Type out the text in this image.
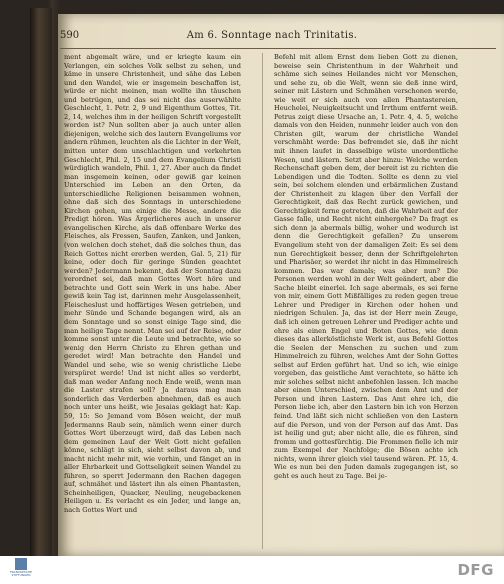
590	Am 6. Sonntage nach Trinitatis.

ment abgemalt wäre, und er kriegte kaum ein Verlangen, ein solches Volk selbst zu sehen, und käme in unsere Christenheit, und sähe das Leben und den Wandel, wie er insgemein beschaffen ist, würde er nicht meinen, man wollte ihn täuschen und betrügen, und das sei nicht das auserwählte Geschlecht, 1. Petr. 2, 9 und Eigenthum Gottes, Tit. 2, 14, welches ihm in der heiligen Schrift vorgestellt worden ist? Nun sollten aber ja auch unter allen diejenigen, welche sich des lautern Evangeliums vor andern rühmen, leuchten als die Lichter in der Welt, mitten unter dem unschlachtigen und verkehrten Geschlecht, Phil. 2, 15 und dem Evangelium Christi würdiglich wandeln, Phil. 1, 27. Aber auch da findet man insgemein keinen, oder gewiß gar keinen Unterschied im Leben an den Orten, da unterschiedliche Religionen beisammen wohnen, ohne daß sich des Sonntags in unterschiedene Kirchen gehen, um einige die Messe, andere die Predigt hören. Was Ärgerlicheres auch in unserer evangelischen Kirche, als daß offenbare Werke des Fleisches, als Fressen, Saufen, Zanken, und Janken, (von welchen doch stehet, daß die solches thun, das Reich Gottes nicht ererben werden, Gal. 5, 21) für keine, oder doch für geringe Sünden geachtet werden? Jedermann bekennt, daß der Sonntag dazu verordnet sei, daß man Gottes Wort höre und betrachte und Gott sein Werk in uns habe. Aber gewiß kein Tag ist, darinnen mehr Ausgelassenheit, Fleischeslust und hoffärtiges Wesen getrieben, und mehr Sünde und Schande begangen wird, als an dem Sonntage und so sonst einige Tage sind, die man heilige Tage nennt. Man sei auf der Reise, oder komme sonst unter die Leute und betrachte, wie so wenig den Herrn Christo zu Ehren gethan und geredet wird! Man betrachte den Handel und Wandel und sehe, wie so wenig christliche Liebe verspüret werde! Und ist nicht alles so verderbt, daß man weder Anfang noch Ende weiß, wenn man die Laster strafen soll? Ja daraus mag man sonderlich das Verderben abnehmen, daß es auch noch unter uns heißt, wie Jesaias geklagt hat: Kap. 59, 15: So Jemand vom Bösen weicht, der muß Jedermanns Raub sein, nämlich wenn einer durch Gottes Wort überzeugt wird, daß das Leben nach dem gemeinen Lauf der Welt Gott nicht gefallen könne, schlägt in sich, sieht selbst davon ab, und macht nicht mehr mit, wie vorhin, und fänget an in aller Ehrbarkeit und Gottseligkeit seinen Wandel zu führen, so sperrt Jedermann den Rachen dagegen auf, schmähet und lästert ihn als einen Phantasten, Scheinheiligen, Quacker, Neuling, neugebackenen Heiligen u. Es verlacht es ein Jeder, und lange an, nach Gottes Wort und

Befehl mit allem Ernst dem lieben Gott zu dienen, beweise sein Christenthum in der Wahrheit und schäme sich seines Heilandes nicht vor Menschen, und sehe zu, ob die Welt, wenn sie deß inne wird, seiner mit Lästern und Schmähen verschonen werde, wie weit er sich auch von allen Phantastereien, Heuchelei, Neuigkeitsucht und Irrthum entfernt weiß. Petrus zeigt diese Ursache an, 1. Petr. 4, 4. 5, welche damals von den Heiden, nunmehr leider auch von den Christen gilt, warum der christliche Wandel verschmäht werde: Das befremdet sie, daß ihr nicht mit ihnen laufet in dasselbige wüste unordentliche Wesen, und lästern. Setzt aber hinzu: Welche werden Rechenschaft geben dem, der bereit ist zu richten die Lebendigen und die Todten. Sollte es denn zu viel sein, bei solchem elenden und erbärmlichen Zustand der Christenheit zu klagen über den Verfall der Gerechtigkeit, daß das Recht zurück gewichen, und Gerechtigkeit ferne getreten, daß die Wahrheit auf der Gasse falle, und Recht nicht einhergehe? Da fragt es sich denn ja abermals billig, woher und wodurch ist denn die Gerechtigkeit gefallen? Zu unserem Evangelium steht von der damaligen Zeit: Es sei dem nun Gerechtigkeit besser, denn der Schriftgelehrten und Pharisäer, so werdet ihr nicht in das Himmelreich kommen. Das war damals; was aber nun? Die Personen werden wohl in der Welt geändert, aber die Sache bleibt einerlei. Ich sage abermals, es sei ferne von mir, einem Gott Mißfälliges zu reden gegen treue Lehrer und Prediger in Kirchen oder hohen und niedrigen Schulen. Ja, das ist der Herr mein Zeuge, daß ich einen getreuen Lehrer und Prediger achte und ehre als einen Engel und Boten Gottes, wie denn dieses das allerköstlichste Werk ist, aus Befehl Gottes die Seelen der Menschen zu suchen und zum Himmelreich zu führen, welches Amt der Sohn Gottes selbst auf Erden geführt hat. Und so ich, wie einige vorgeben, das geistliche Amt verachtete, so hätte ich mir solches selbst nicht anbefohlen lassen. Ich mache aber einen Unterschied, zwischen dem Amt und der Person und ihren Lastern. Das Amt ehre ich, die Person liebe ich, aber den Lastern bin ich von Herzen feind. Und läßt sich nicht schließen von den Lastern auf die Person, und von der Person auf das Amt. Das ist heilig und gut; aber nicht alle, die es führen, sind fromm und gottesfürchtig. Die Frommen fielle ich mir zum Exempel der Nachfolge; die Bösen achte ich nichts, wenn ihrer gleich viel tausend wären. Pf. 15, 4. Wie es nun bei den Juden damals zugegangen ist, so geht es auch heut zu Tage. Bei je-

FRANCKESCHE
STIFTUNGEN	DFG
